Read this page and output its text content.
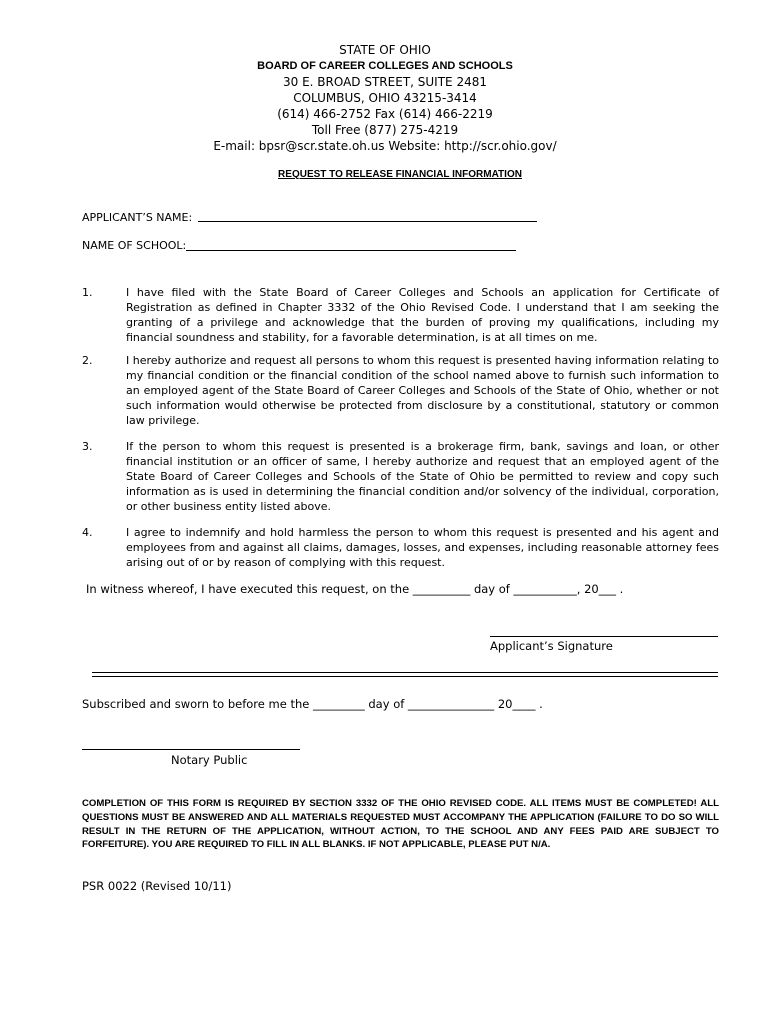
STATE OF OHIO
BOARD OF CAREER COLLEGES AND SCHOOLS
30 E. BROAD STREET, SUITE 2481
COLUMBUS, OHIO 43215-3414
(614) 466-2752 Fax (614) 466-2219
Toll Free (877) 275-4219
E-mail: bpsr@scr.state.oh.us Website: http://scr.ohio.gov/
REQUEST TO RELEASE FINANCIAL INFORMATION
APPLICANT’S NAME:
NAME OF SCHOOL:
1.	I have filed with the State Board of Career Colleges and Schools an application for Certificate of Registration as defined in Chapter 3332 of the Ohio Revised Code. I understand that I am seeking the granting of a privilege and acknowledge that the burden of proving my qualifications, including my financial soundness and stability, for a favorable determination, is at all times on me.
2.	I hereby authorize and request all persons to whom this request is presented having information relating to my financial condition or the financial condition of the school named above to furnish such information to an employed agent of the State Board of Career Colleges and Schools of the State of Ohio, whether or not such information would otherwise be protected from disclosure by a constitutional, statutory or common law privilege.
3.	If the person to whom this request is presented is a brokerage firm, bank, savings and loan, or other financial institution or an officer of same, I hereby authorize and request that an employed agent of the State Board of Career Colleges and Schools of the State of Ohio be permitted to review and copy such information as is used in determining the financial condition and/or solvency of the individual, corporation, or other business entity listed above.
4.	I agree to indemnify and hold harmless the person to whom this request is presented and his agent and employees from and against all claims, damages, losses, and expenses, including reasonable attorney fees arising out of or by reason of complying with this request.
In witness whereof, I have executed this request, on the __________ day of ___________, 20___ .
Applicant’s Signature
Subscribed and sworn to before me the _________ day of _______________ 20____ .
Notary Public
COMPLETION OF THIS FORM IS REQUIRED BY SECTION 3332 OF THE OHIO REVISED CODE. ALL ITEMS MUST BE COMPLETED! ALL QUESTIONS MUST BE ANSWERED AND ALL MATERIALS REQUESTED MUST ACCOMPANY THE APPLICATION (FAILURE TO DO SO WILL RESULT IN THE RETURN OF THE APPLICATION, WITHOUT ACTION, TO THE SCHOOL AND ANY FEES PAID ARE SUBJECT TO FORFEITURE). YOU ARE REQUIRED TO FILL IN ALL BLANKS. IF NOT APPLICABLE, PLEASE PUT N/A.
PSR 0022 (Revised 10/11)
